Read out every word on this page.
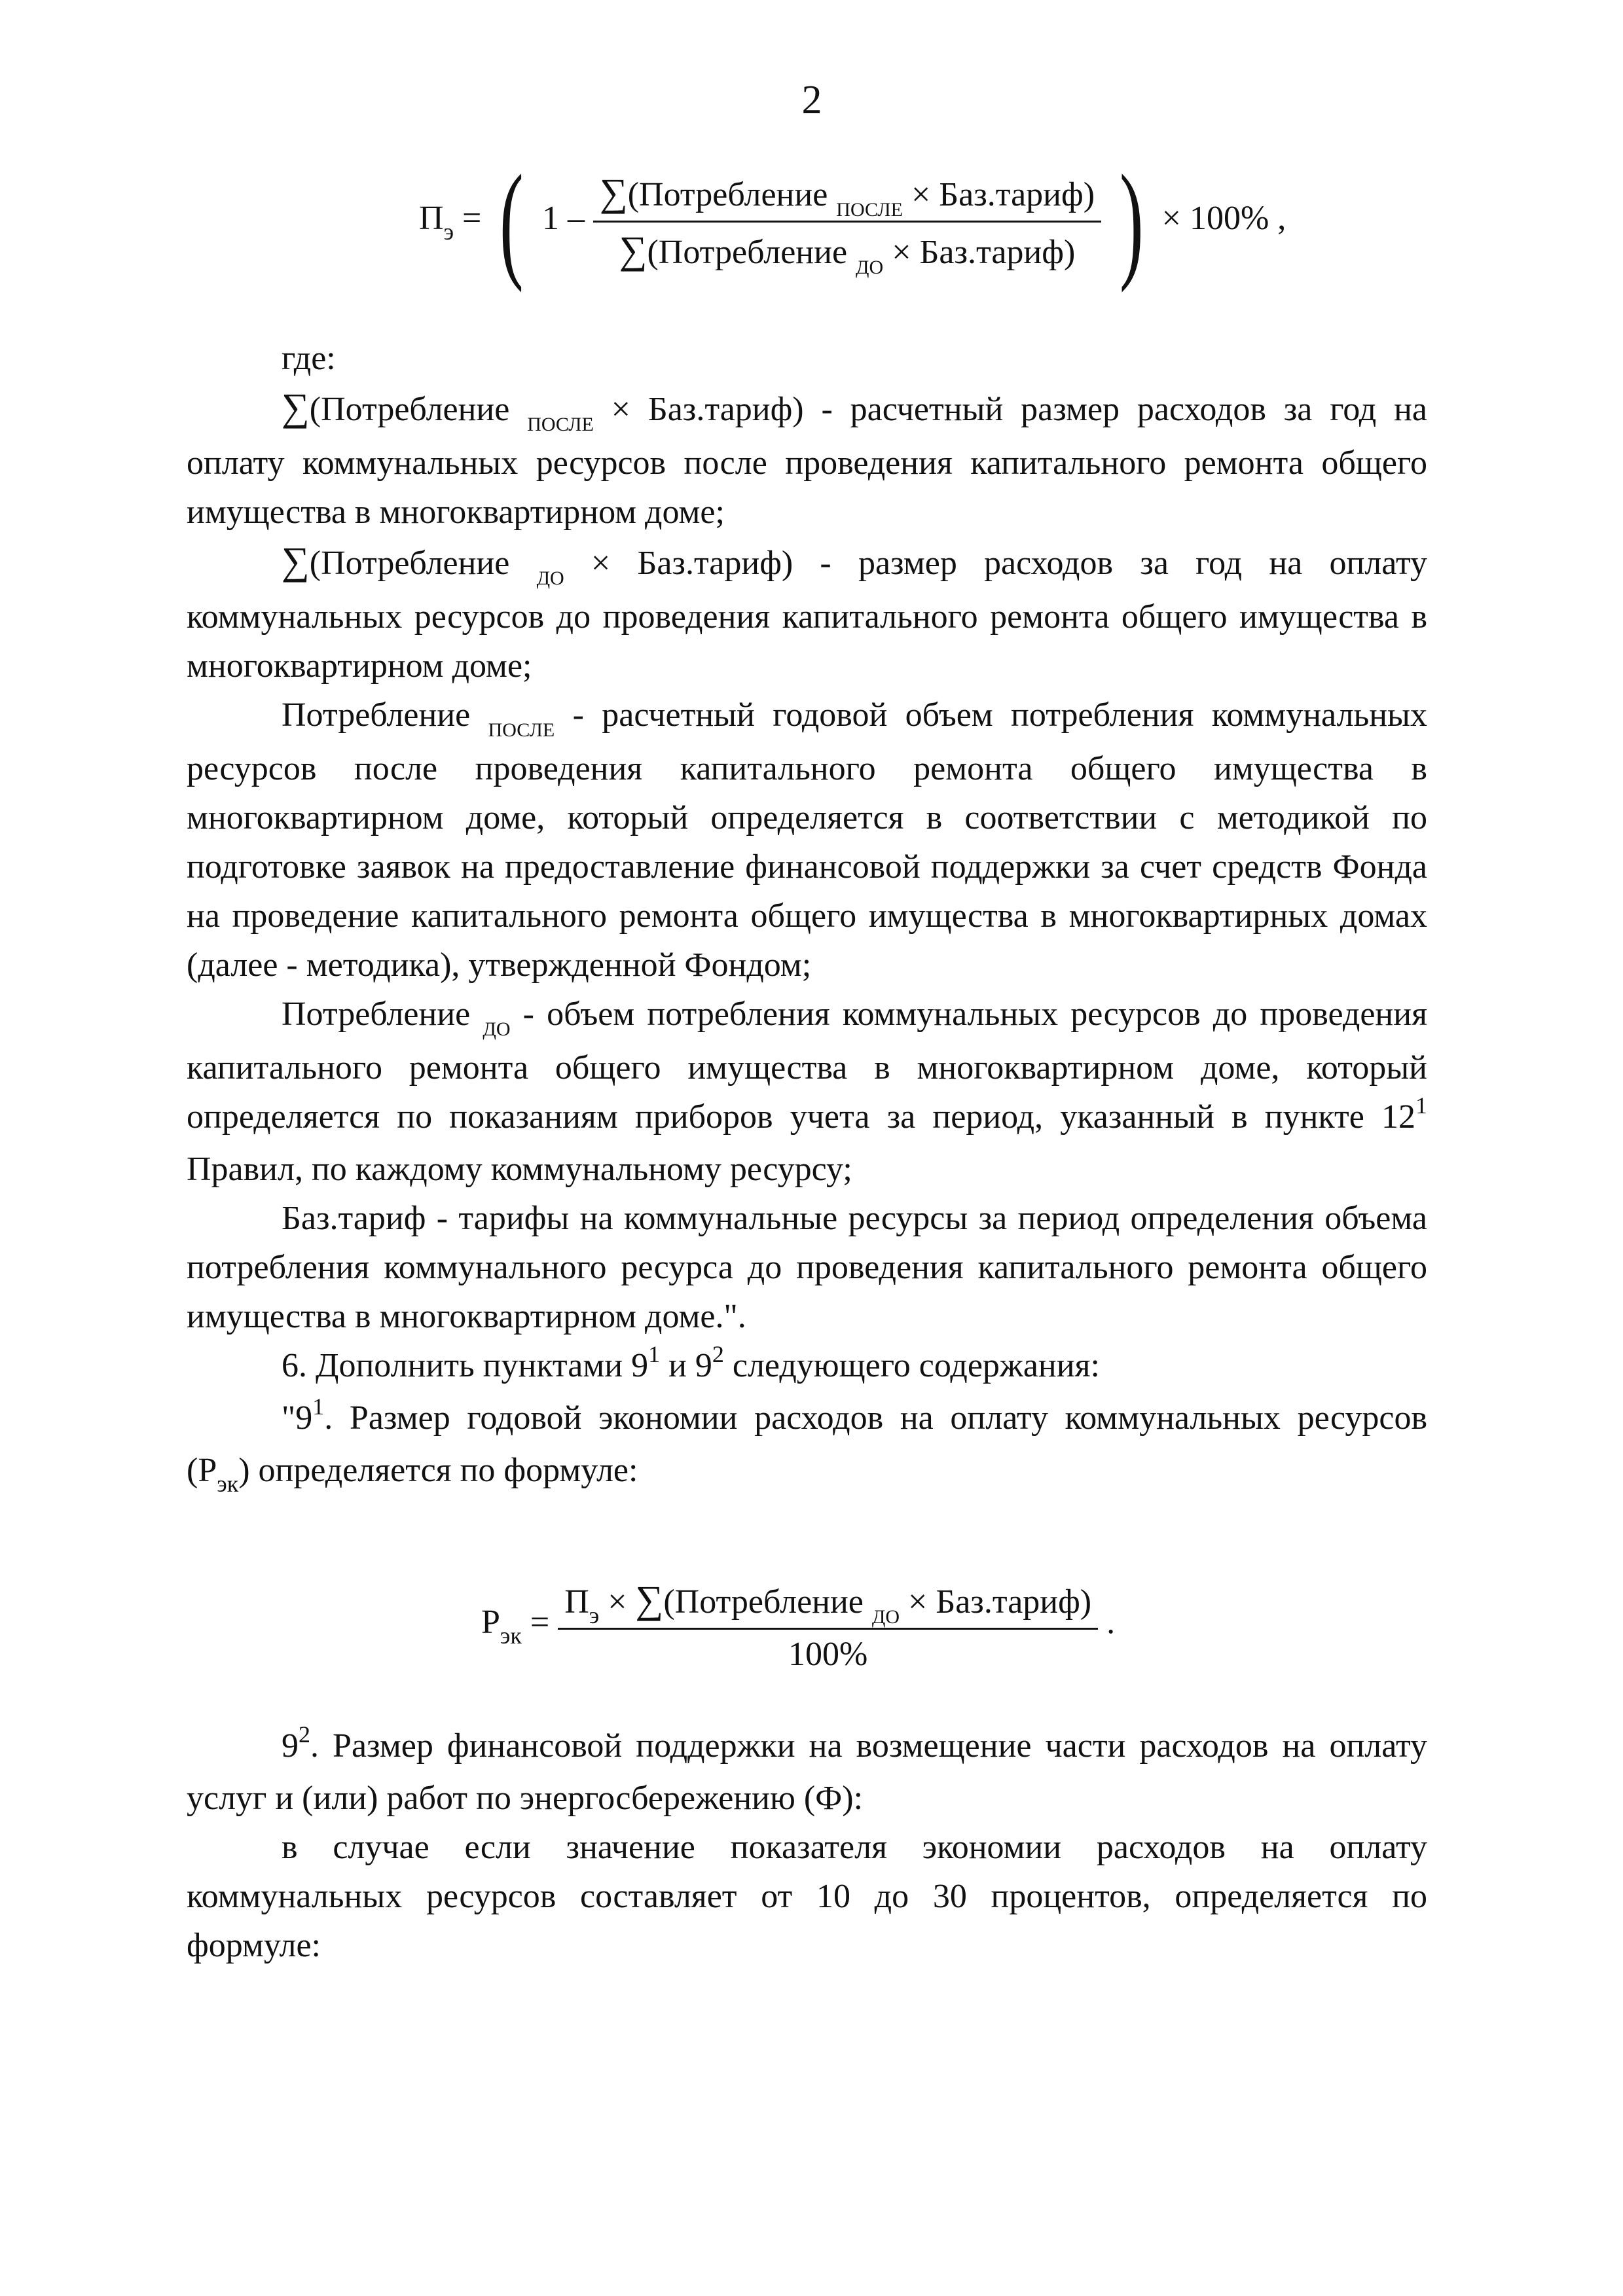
2
$П_э$ = ( $1 - \frac{\sum(Потребление _{ПОСЛЕ} \times Баз.тариф)}{\sum(Потребление _{ДО} \times Баз.тариф)}$ ) × 100% ,

где:

∑(Потребление $_{ПОСЛЕ}$ × Баз.тариф) - расчетный размер расходов за год на оплату коммунальных ресурсов после проведения капитального ремонта общего имущества в многоквартирном доме;

∑(Потребление $_{ДО}$ × Баз.тариф) - размер расходов за год на оплату коммунальных ресурсов до проведения капитального ремонта общего имущества в многоквартирном доме;

Потребление $_{ПОСЛЕ}$ - расчетный годовой объем потребления коммунальных ресурсов после проведения капитального ремонта общего имущества в многоквартирном доме, который определяется в соответствии с методикой по подготовке заявок на предоставление финансовой поддержки за счет средств Фонда на проведение капитального ремонта общего имущества в многоквартирных домах (далее - методика), утвержденной Фондом;

Потребление $_{ДО}$ - объем потребления коммунальных ресурсов до проведения капитального ремонта общего имущества в многоквартирном доме, который определяется по показаниям приборов учета за период, указанный в пункте $12^1$ Правил, по каждому коммунальному ресурсу;

Баз.тариф - тарифы на коммунальные ресурсы за период определения объема потребления коммунального ресурса до проведения капитального ремонта общего имущества в многоквартирном доме.".

6. Дополнить пунктами $9^1$ и $9^2$ следующего содержания:

"$9^1$. Размер годовой экономии расходов на оплату коммунальных ресурсов $(Р_{эк})$ определяется по формуле:

$Р_{эк} = \frac{П_э \times \sum(Потребление _{ДО} \times Баз.тариф)}{100\%}$ .

$9^2$. Размер финансовой поддержки на возмещение части расходов на оплату услуг и (или) работ по энергосбережению (Ф):

в случае если значение показателя экономии расходов на оплату коммунальных ресурсов составляет от 10 до 30 процентов, определяется по формуле:
